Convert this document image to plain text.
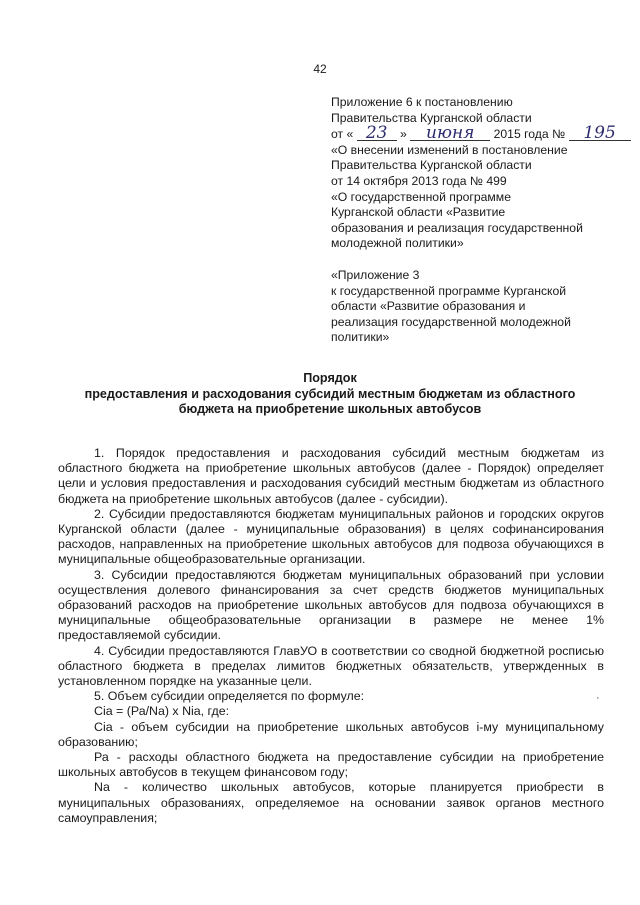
42
Приложение 6 к постановлению
Правительства Курганской области
от « 23 » июня 2015 года № 195
«О внесении изменений в постановление
Правительства Курганской области
от 14 октября 2013 года № 499
«О государственной программе
Курганской области «Развитие
образования и реализация государственной
молодежной политики»
«Приложение 3
к государственной программе Курганской
области «Развитие образования и
реализация государственной молодежной
политики»
Порядок
предоставления и расходования субсидий местным бюджетам из областного
бюджета на приобретение школьных автобусов

1. Порядок предоставления и расходования субсидий местным бюджетам из областного бюджета на приобретение школьных автобусов (далее - Порядок) определяет цели и условия предоставления и расходования субсидий местным бюджетам из областного бюджета на приобретение школьных автобусов (далее - субсидии).

2. Субсидии предоставляются бюджетам муниципальных районов и городских округов Курганской области (далее - муниципальные образования) в целях софинансирования расходов, направленных на приобретение школьных автобусов для подвоза обучающихся в муниципальные общеобразовательные организации.

3. Субсидии предоставляются бюджетам муниципальных образований при условии осуществления долевого финансирования за счет средств бюджетов муниципальных образований расходов на приобретение школьных автобусов для подвоза обучающихся в муниципальные общеобразовательные организации в размере не менее 1% предоставляемой субсидии.

4. Субсидии предоставляются ГлавУО в соответствии со сводной бюджетной росписью областного бюджета в пределах лимитов бюджетных обязательств, утвержденных в установленном порядке на указанные цели.

5. Объем субсидии определяется по формуле:

Сiа = (Ра/Nа) х Niа, где:

Сiа - объем субсидии на приобретение школьных автобусов i-му муниципальному образованию;

Ра - расходы областного бюджета на предоставление субсидии на приобретение школьных автобусов в текущем финансовом году;

Nа - количество школьных автобусов, которые планируется приобрести в муниципальных образованиях, определяемое на основании заявок органов местного самоуправления;

·
